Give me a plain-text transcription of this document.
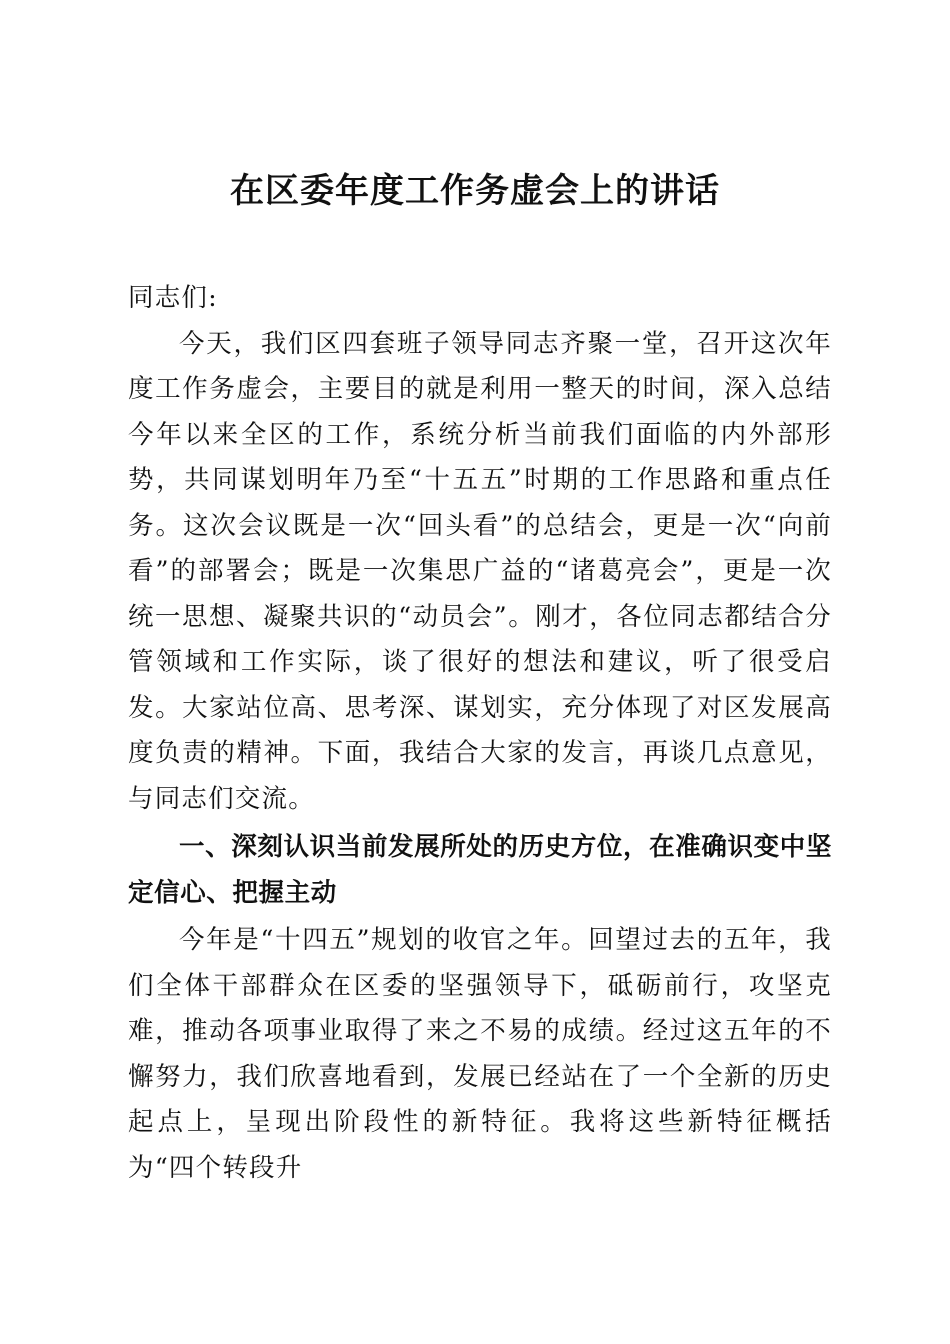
在区委年度工作务虚会上的讲话

同志们:

今天，我们区四套班子领导同志齐聚一堂，召开这次年度工作务虚会，主要目的就是利用一整天的时间，深入总结今年以来全区的工作，系统分析当前我们面临的内外部形势，共同谋划明年乃至“十五五”时期的工作思路和重点任务。这次会议既是一次“回头看”的总结会，更是一次“向前看”的部署会；既是一次集思广益的“诸葛亮会”，更是一次统一思想、凝聚共识的“动员会”。刚才，各位同志都结合分管领域和工作实际，谈了很好的想法和建议，听了很受启发。大家站位高、思考深、谋划实，充分体现了对区发展高度负责的精神。下面，我结合大家的发言，再谈几点意见，与同志们交流。

一、深刻认识当前发展所处的历史方位，在准确识变中坚定信心、把握主动

今年是“十四五”规划的收官之年。回望过去的五年，我们全体干部群众在区委的坚强领导下，砥砺前行，攻坚克难，推动各项事业取得了来之不易的成绩。经过这五年的不懈努力，我们欣喜地看到，发展已经站在了一个全新的历史起点上，呈现出阶段性的新特征。我将这些新特征概括为“四个转段升
